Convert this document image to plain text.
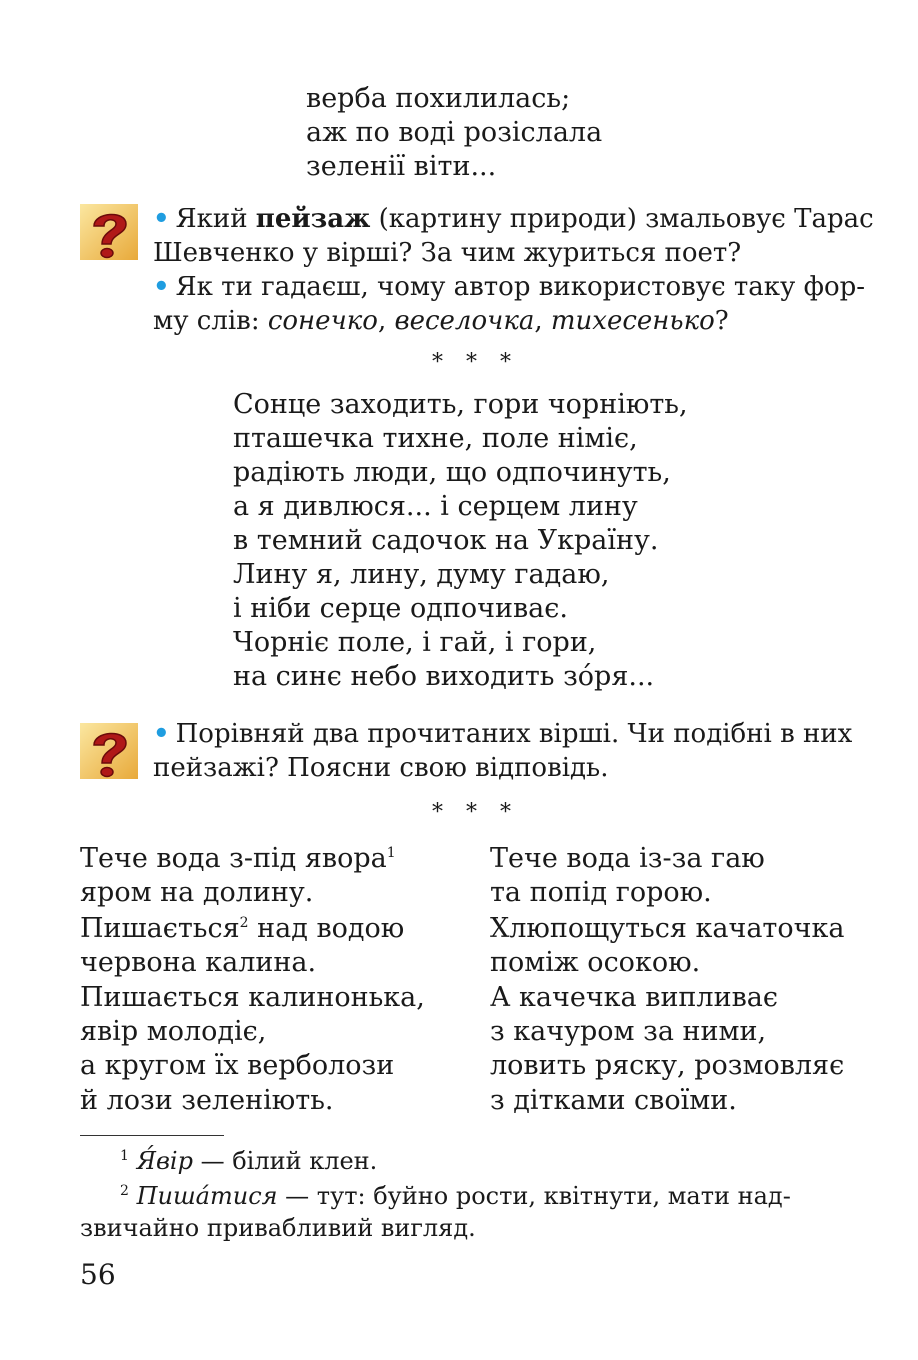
верба похилилась;
аж по воді розіслала
зеленії віти...
• Який пейзаж (картину природи) змальовує Тарас
Шевченко у вірші? За чим журиться поет?
• Як ти гадаєш, чому автор використовує таку фор-
му слів: сонечко, веселочка, тихесенько?
* * *
Сонце заходить, гори чорніють,
пташечка тихне, поле німіє,
радіють люди, що одпочинуть,
а я дивлюся... і серцем лину
в темний садочок на Україну.
Лину я, лину, думу гадаю,
і ніби серце одпочиває.
Чорніє поле, і гай, і гори,
на синє небо виходить зо́ря...
• Порівняй два прочитаних вірші. Чи подібні в них
пейзажі? Поясни свою відповідь.
* * *
Тече вода з-під явора$^1$
яром на долину.
Пишається$^2$ над водою
червона калина.
Пишається калинонька,
явір молодіє,
а кругом їх верболози
й лози зеленіють.
Тече вода із-за гаю
та попід горою.
Хлюпощуться качаточка
поміж осокою.
А качечка випливає
з качуром за ними,
ловить ряску, розмовляє
з дітками своїми.
$^1$ Я́вір — білий клен.
$^2$ Пиша́тися — тут: буйно рости, квітнути, мати над-
звичайно привабливий вигляд.
56
